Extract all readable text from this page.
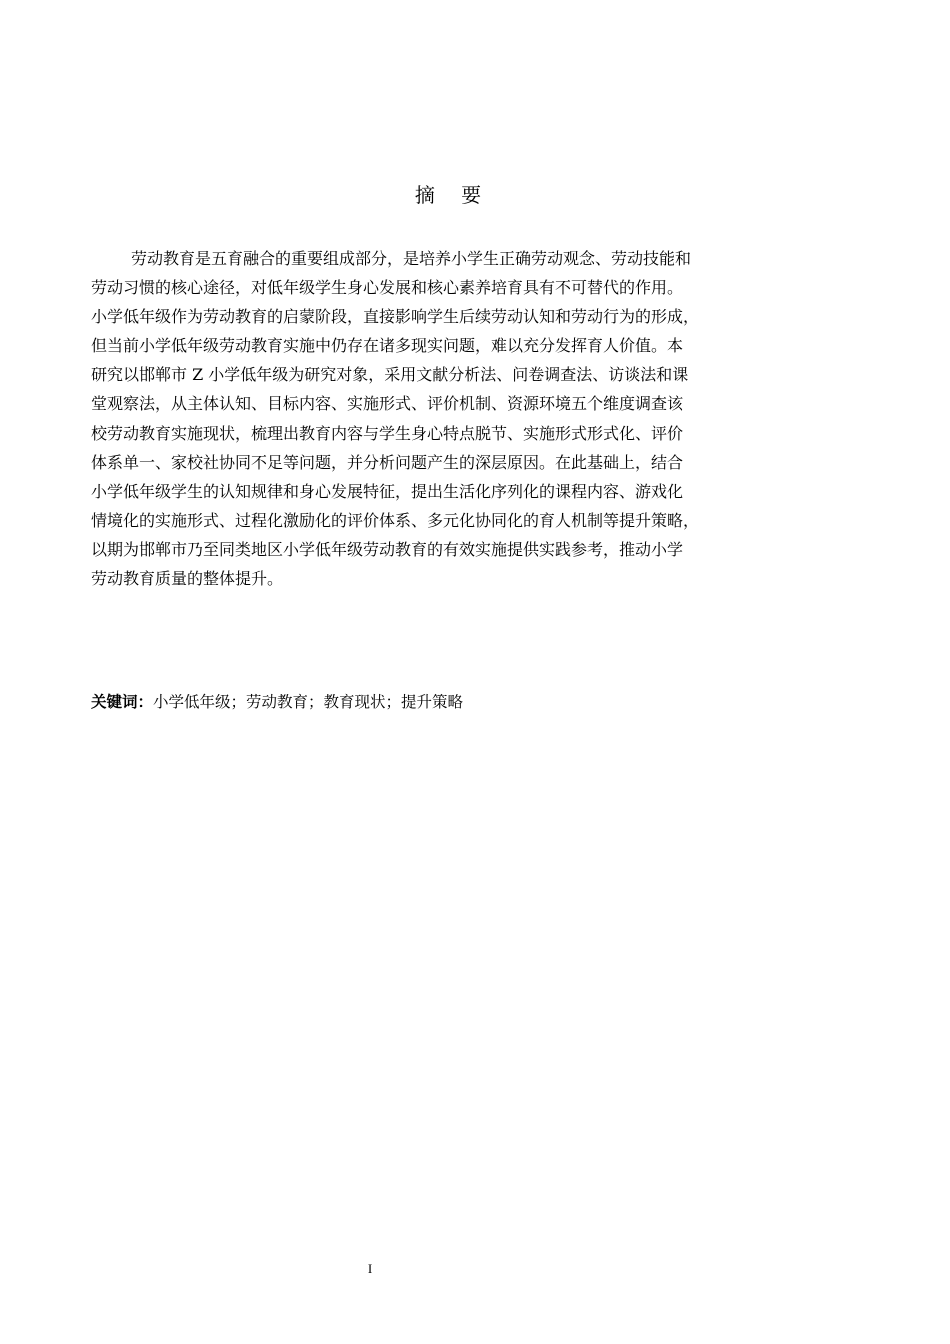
摘 要
劳动教育是五育融合的重要组成部分，是培养小学生正确劳动观念、劳动技能和
劳动习惯的核心途径，对低年级学生身心发展和核心素养培育具有不可替代的作用。
小学低年级作为劳动教育的启蒙阶段，直接影响学生后续劳动认知和劳动行为的形成，
但当前小学低年级劳动教育实施中仍存在诸多现实问题，难以充分发挥育人价值。本
研究以邯郸市 Z 小学低年级为研究对象，采用文献分析法、问卷调查法、访谈法和课
堂观察法，从主体认知、目标内容、实施形式、评价机制、资源环境五个维度调查该
校劳动教育实施现状，梳理出教育内容与学生身心特点脱节、实施形式形式化、评价
体系单一、家校社协同不足等问题，并分析问题产生的深层原因。在此基础上，结合
小学低年级学生的认知规律和身心发展特征，提出生活化序列化的课程内容、游戏化
情境化的实施形式、过程化激励化的评价体系、多元化协同化的育人机制等提升策略，
以期为邯郸市乃至同类地区小学低年级劳动教育的有效实施提供实践参考，推动小学
劳动教育质量的整体提升。

关键词：小学低年级；劳动教育；教育现状；提升策略

I
